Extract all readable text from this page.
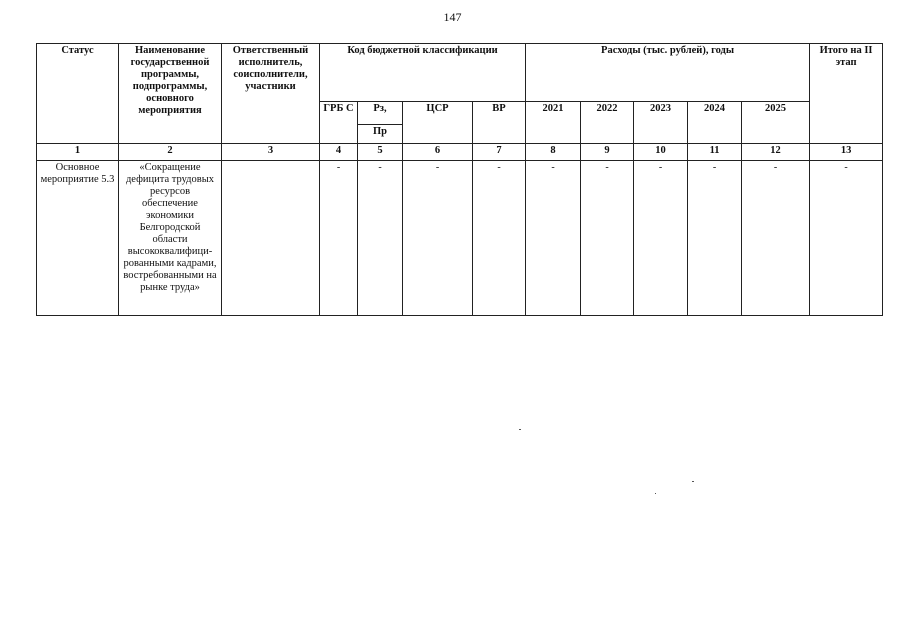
147
Статус	Наименование государственной программы, подпрограммы, основного мероприятия	Ответственный исполнитель, соисполнители, участники	Код бюджетной классификации				Расходы (тыс. рублей), годы					Итого на II этап
			ГРБ С	Рз,	ЦСР	ВР	2021	2022	2023	2024	2025	
				Пр								
1	2	3	4	5	6	7	8	9	10	11	12	13
Основное мероприятие 5.3	«Сокращение дефицита трудовых ресурсов обеспечение экономики Белгородской области высококвалифици-рованными кадрами, востребованными на рынке труда»		-	-	-	-	-	-	-	-	-	-
